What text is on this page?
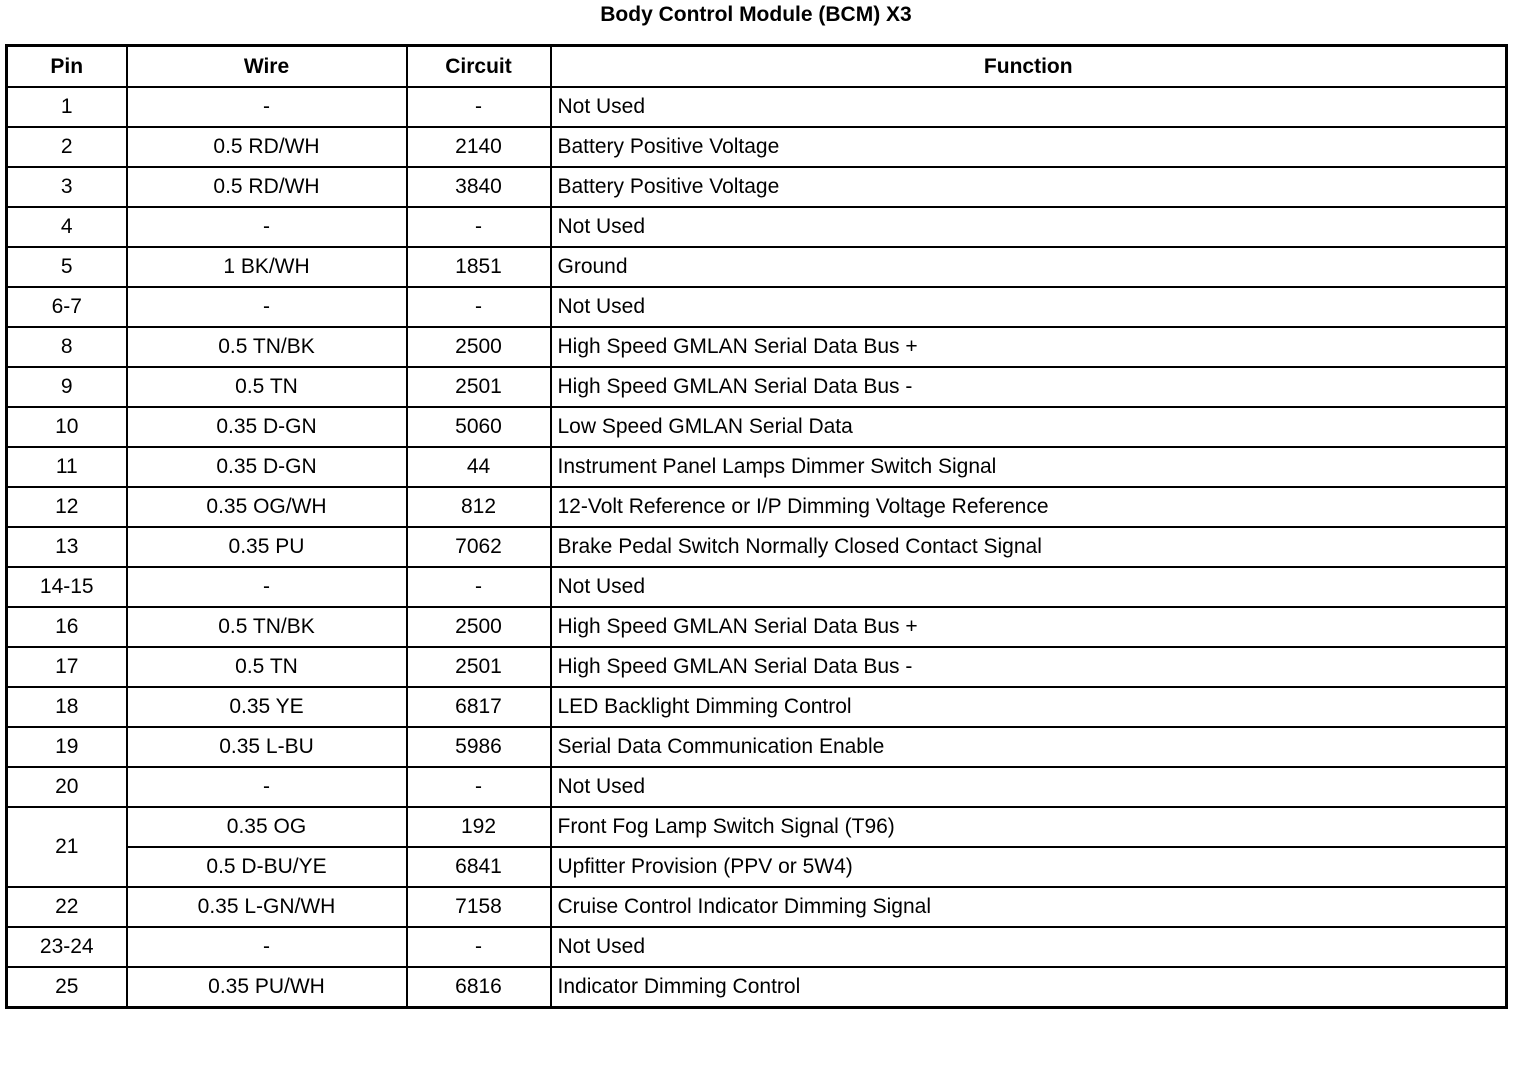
Body Control Module (BCM) X3
Pin	Wire	Circuit	Function
1	-	-	Not Used
2	0.5 RD/WH	2140	Battery Positive Voltage
3	0.5 RD/WH	3840	Battery Positive Voltage
4	-	-	Not Used
5	1 BK/WH	1851	Ground
6-7	-	-	Not Used
8	0.5 TN/BK	2500	High Speed GMLAN Serial Data Bus +
9	0.5 TN	2501	High Speed GMLAN Serial Data Bus -
10	0.35 D-GN	5060	Low Speed GMLAN Serial Data
11	0.35 D-GN	44	Instrument Panel Lamps Dimmer Switch Signal
12	0.35 OG/WH	812	12-Volt Reference or I/P Dimming Voltage Reference
13	0.35 PU	7062	Brake Pedal Switch Normally Closed Contact Signal
14-15	-	-	Not Used
16	0.5 TN/BK	2500	High Speed GMLAN Serial Data Bus +
17	0.5 TN	2501	High Speed GMLAN Serial Data Bus -
18	0.35 YE	6817	LED Backlight Dimming Control
19	0.35 L-BU	5986	Serial Data Communication Enable
20	-	-	Not Used
21	0.35 OG	192	Front Fog Lamp Switch Signal (T96)
	0.5 D-BU/YE	6841	Upfitter Provision (PPV or 5W4)
22	0.35 L-GN/WH	7158	Cruise Control Indicator Dimming Signal
23-24	-	-	Not Used
25	0.35 PU/WH	6816	Indicator Dimming Control
